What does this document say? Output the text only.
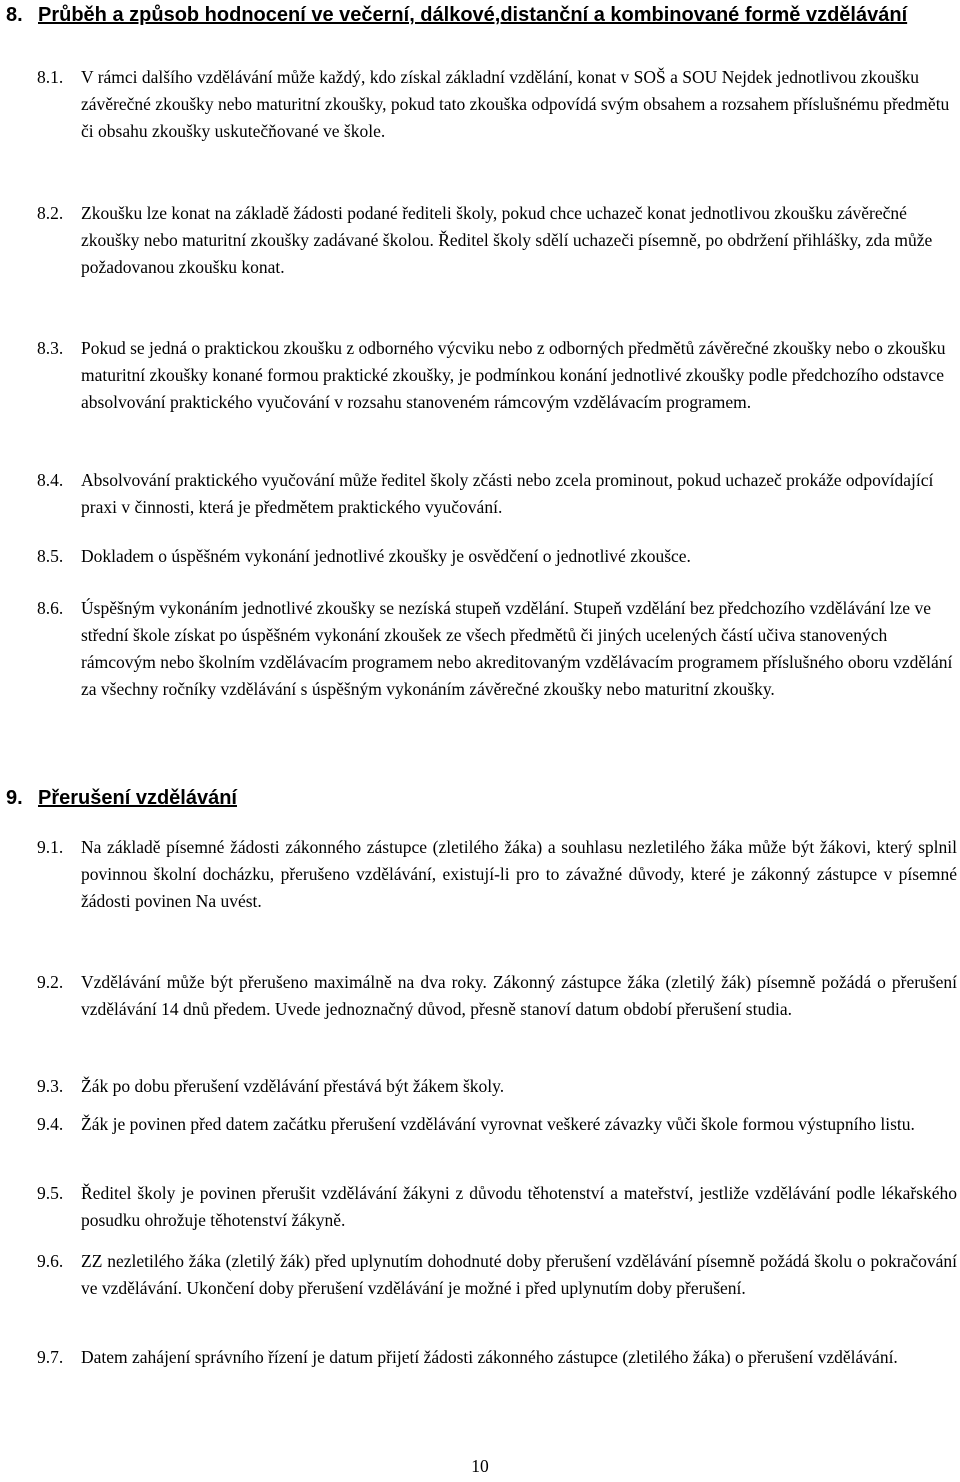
8. Průběh a způsob hodnocení ve večerní, dálkové,distanční a kombinované formě vzdělávání
8.1. V rámci dalšího vzdělávání může každý, kdo získal základní vzdělání, konat v SOŠ a SOU Nejdek jednotlivou zkoušku závěrečné zkoušky nebo maturitní zkoušky, pokud tato zkouška odpovídá svým obsahem a rozsahem příslušnému předmětu či obsahu zkoušky uskutečňované ve škole.
8.2. Zkoušku lze konat na základě žádosti podané řediteli školy, pokud chce uchazeč konat jednotlivou zkoušku závěrečné zkoušky nebo maturitní zkoušky zadávané školou. Ředitel školy sdělí uchazeči písemně, po obdržení přihlášky, zda může požadovanou zkoušku konat.
8.3. Pokud se jedná o praktickou zkoušku z odborného výcviku nebo z odborných předmětů závěrečné zkoušky nebo o zkoušku maturitní zkoušky konané formou praktické zkoušky, je podmínkou konání jednotlivé zkoušky podle předchozího odstavce absolvování praktického vyučování v rozsahu stanoveném rámcovým vzdělávacím programem.
8.4. Absolvování praktického vyučování může ředitel školy zčásti nebo zcela prominout, pokud uchazeč prokáže odpovídající praxi v činnosti, která je předmětem praktického vyučování.
8.5. Dokladem o úspěšném vykonání jednotlivé zkoušky je osvědčení o jednotlivé zkoušce.
8.6. Úspěšným vykonáním jednotlivé zkoušky se nezíská stupeň vzdělání. Stupeň vzdělání bez předchozího vzdělávání lze ve střední škole získat po úspěšném vykonání zkoušek ze všech předmětů či jiných ucelených částí učiva stanovených rámcovým nebo školním vzdělávacím programem nebo akreditovaným vzdělávacím programem příslušného oboru vzdělání za všechny ročníky vzdělávání s úspěšným vykonáním závěrečné zkoušky nebo maturitní zkoušky.
9. Přerušení vzdělávání
9.1. Na základě písemné žádosti zákonného zástupce (zletilého žáka) a souhlasu nezletilého žáka může být žákovi, který splnil povinnou školní docházku, přerušeno vzdělávání, existují-li pro to závažné důvody, které je zákonný zástupce v písemné žádosti povinen Na uvést.
9.2. Vzdělávání může být přerušeno maximálně na dva roky. Zákonný zástupce žáka (zletilý žák) písemně požádá o přerušení vzdělávání 14 dnů předem. Uvede jednoznačný důvod, přesně stanoví datum období přerušení studia.
9.3. Žák po dobu přerušení vzdělávání přestává být žákem školy.
9.4. Žák je povinen před datem začátku přerušení vzdělávání vyrovnat veškeré závazky vůči škole formou výstupního listu.
9.5. Ředitel školy je povinen přerušit vzdělávání žákyni z důvodu těhotenství a mateřství, jestliže vzdělávání podle lékařského posudku ohrožuje těhotenství žákyně.
9.6. ZZ nezletilého žáka (zletilý žák) před uplynutím dohodnuté doby přerušení vzdělávání písemně požádá školu o pokračování ve vzdělávání. Ukončení doby přerušení vzdělávání je možné i před uplynutím doby přerušení.
9.7. Datem zahájení správního řízení je datum přijetí žádosti zákonného zástupce (zletilého žáka) o přerušení vzdělávání.
10
